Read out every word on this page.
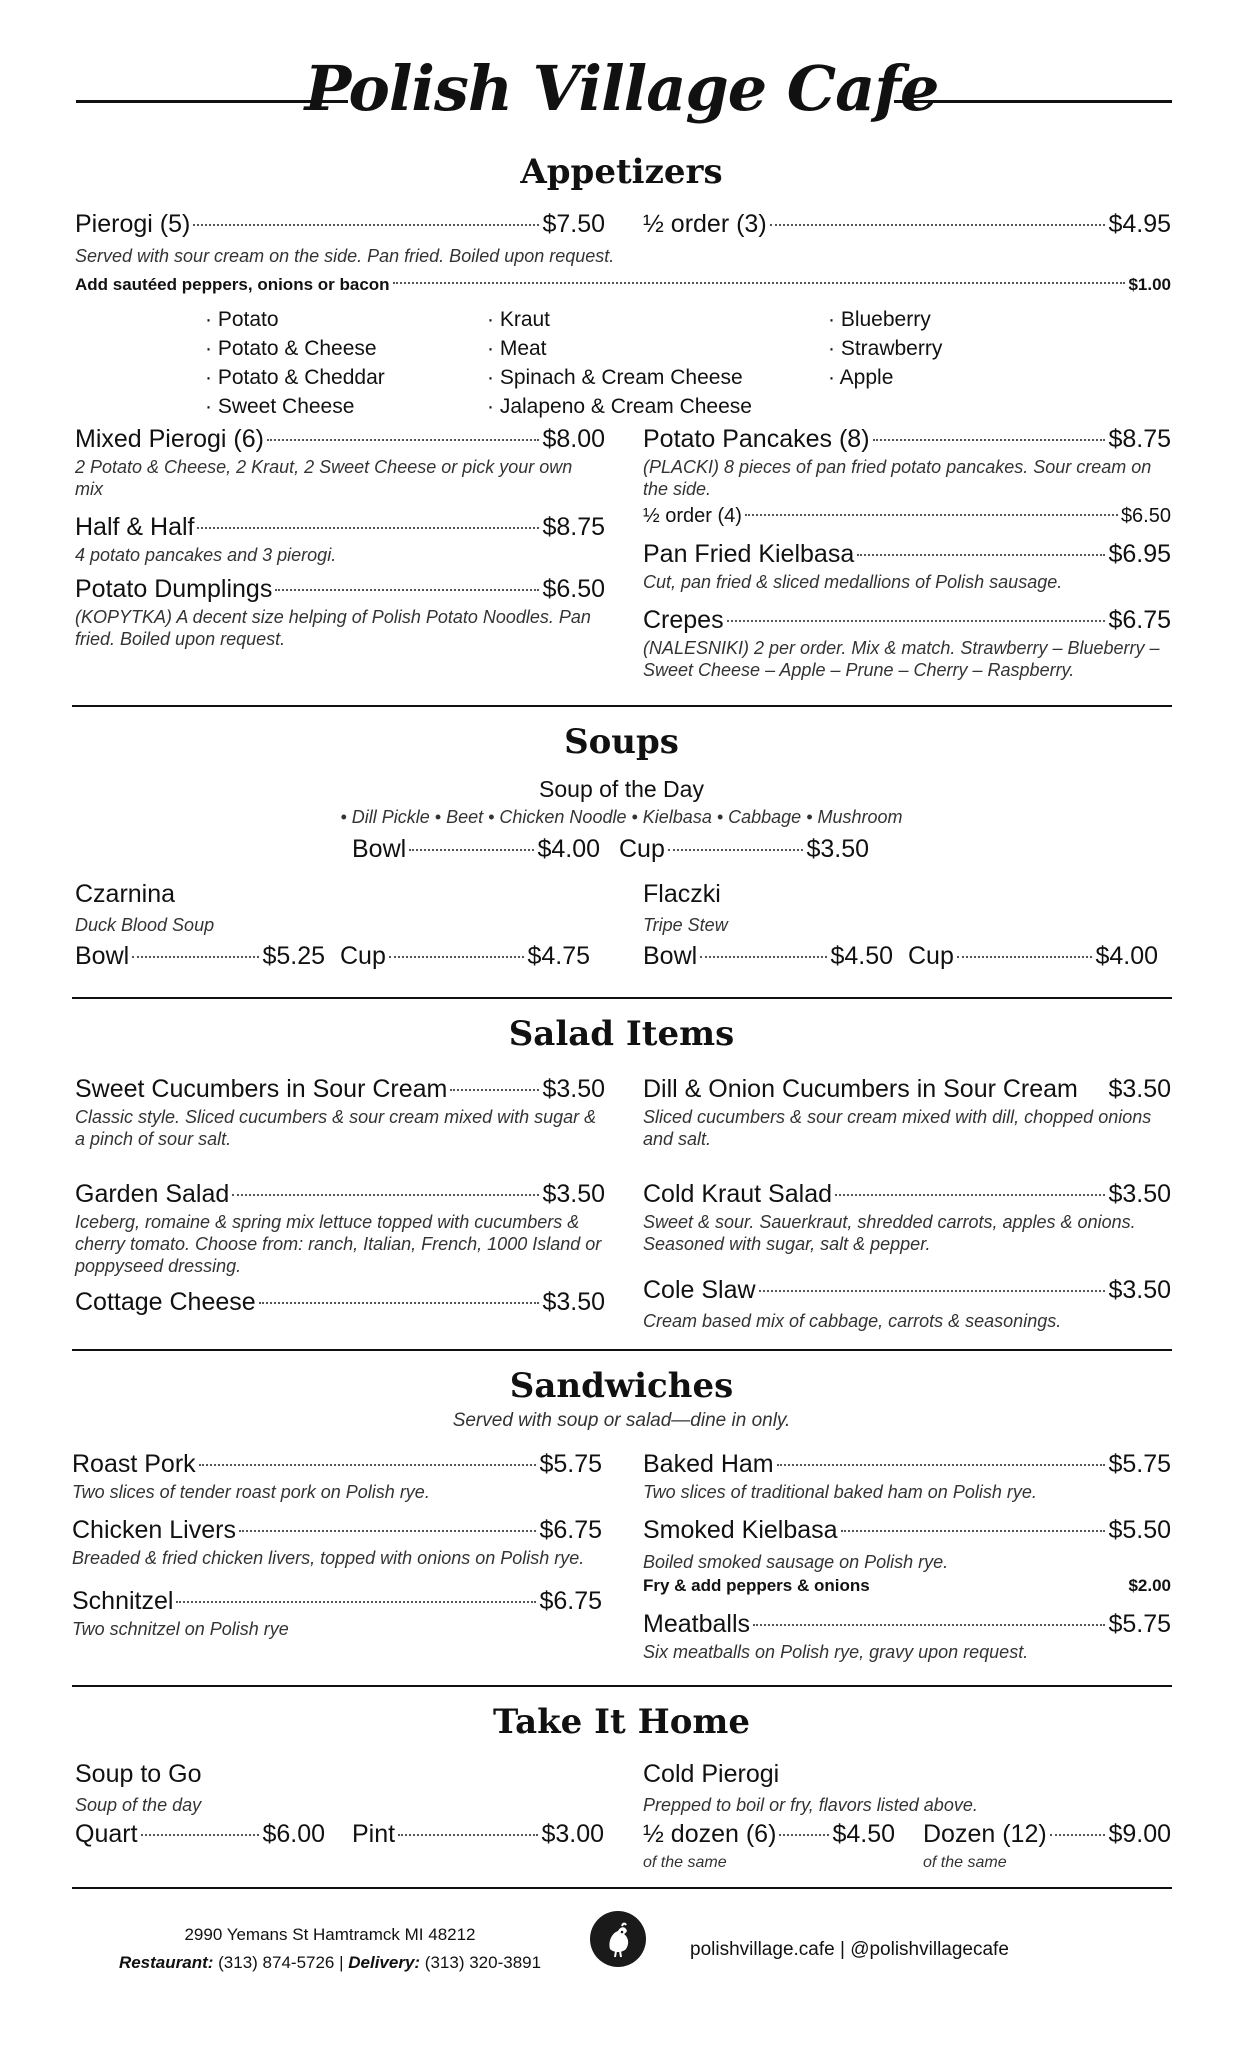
Polish Village Cafe
Appetizers
Pierogi (5)	$7.50 ½ order (3)	$4.95
Served with sour cream on the side. Pan fried. Boiled upon request.
Add sautéed peppers, onions or bacon	$1.00
· Potato
· Potato & Cheese
· Potato & Cheddar
· Sweet Cheese
· Kraut
· Meat
· Spinach & Cream Cheese
· Jalapeno & Cream Cheese
· Blueberry
· Strawberry
· Apple
Mixed Pierogi (6)	$8.00
2 Potato & Cheese, 2 Kraut, 2 Sweet Cheese or pick your own mix
Half & Half	$8.75
4 potato pancakes and 3 pierogi.
Potato Dumplings	$6.50
(KOPYTKA) A decent size helping of Polish Potato Noodles. Pan fried. Boiled upon request.
Potato Pancakes (8)	$8.75
(PLACKI) 8 pieces of pan fried potato pancakes. Sour cream on the side.
½ order (4)	$6.50
Pan Fried Kielbasa	$6.95
Cut, pan fried & sliced medallions of Polish sausage.
Crepes	$6.75
(NALESNIKI) 2 per order. Mix & match. Strawberry – Blueberry – Sweet Cheese – Apple – Prune – Cherry – Raspberry.
Soups
Soup of the Day
• Dill Pickle • Beet • Chicken Noodle • Kielbasa • Cabbage • Mushroom
Bowl	$4.00 Cup	$3.50
Czarnina
Duck Blood Soup
Bowl	$5.25 Cup	$4.75
Flaczki
Tripe Stew
Bowl	$4.50 Cup	$4.00
Salad Items
Sweet Cucumbers in Sour Cream	$3.50
Classic style. Sliced cucumbers & sour cream mixed with sugar & a pinch of sour salt.
Dill & Onion Cucumbers in Sour Cream $3.50
Sliced cucumbers & sour cream mixed with dill, chopped onions and salt.
Garden Salad	$3.50
Iceberg, romaine & spring mix lettuce topped with cucumbers & cherry tomato. Choose from: ranch, Italian, French, 1000 Island or poppyseed dressing.
Cold Kraut Salad	$3.50
Sweet & sour. Sauerkraut, shredded carrots, apples & onions. Seasoned with sugar, salt & pepper.
Cottage Cheese	$3.50 Cole Slaw	$3.50
Cream based mix of cabbage, carrots & seasonings.
Sandwiches
Served with soup or salad—dine in only.
Roast Pork	$5.75
Two slices of tender roast pork on Polish rye.
Chicken Livers	$6.75
Breaded & fried chicken livers, topped with onions on Polish rye.
Schnitzel	$6.75
Two schnitzel on Polish rye
Baked Ham	$5.75
Two slices of traditional baked ham on Polish rye.
Smoked Kielbasa	$5.50
Boiled smoked sausage on Polish rye.
Fry & add peppers & onions	$2.00
Meatballs	$5.75
Six meatballs on Polish rye, gravy upon request.
Take It Home
Soup to Go
Soup of the day
Quart	$6.00 Pint	$3.00
Cold Pierogi
Prepped to boil or fry, flavors listed above.
½ dozen (6) $4.50
of the same
Dozen (12) $9.00
of the same
2990 Yemans St Hamtramck MI 48212
Restaurant: (313) 874-5726 | Delivery: (313) 320-3891
polishvillage.cafe | @polishvillagecafe
